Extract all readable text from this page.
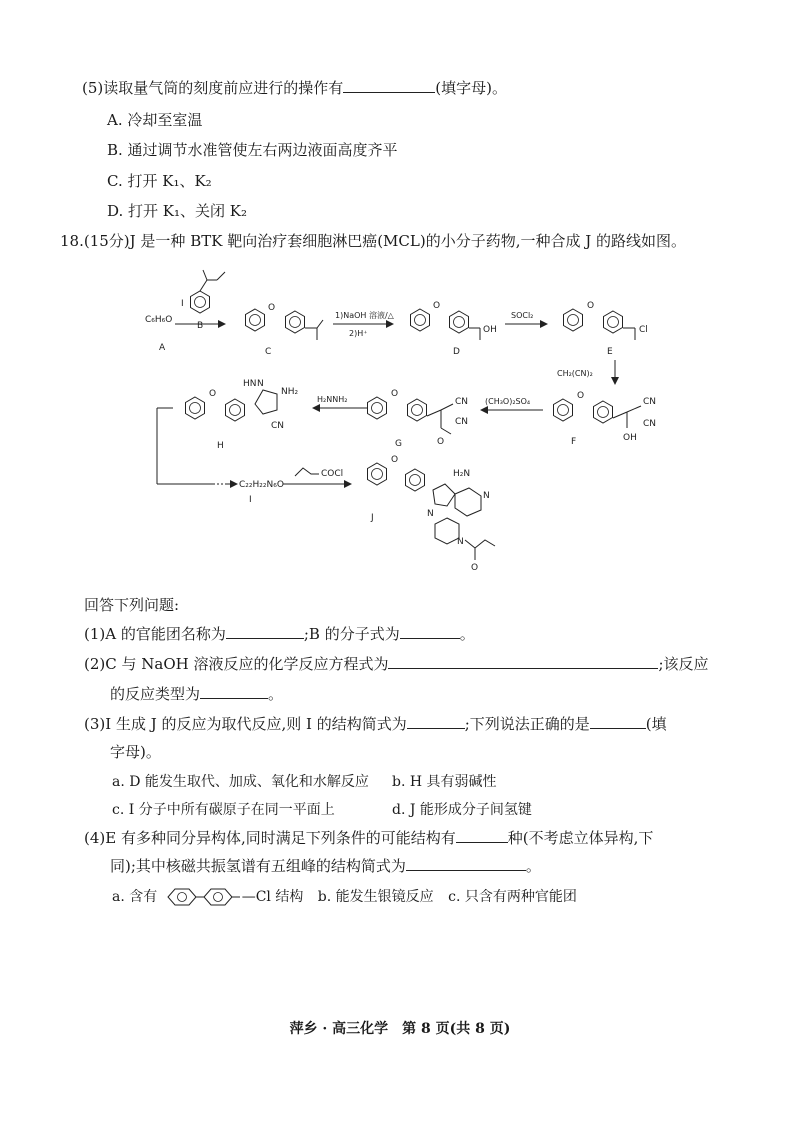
(5)读取量气筒的刻度前应进行的操作有	(填字母)。
A. 冷却至室温
B. 通过调节水准管使左右两边液面高度齐平
C. 打开 K₁、K₂
D. 打开 K₁、关闭 K₂
18.(15分)J 是一种 BTK 靶向治疗套细胞淋巴癌(MCL)的小分子药物,一种合成 J 的路线如图。
C₆H₆O
A
I
B
O
C
1)NaOH 溶液/△
2)H⁺
O
OH
D
SOCl₂
O
Cl
E
CH₂(CN)₂
O
CN
CN
OH
F
(CH₃O)₂SO₄
O
CN
CN
O
G
H₂NNH₂
O
HN N
NH₂
CN
H
C₂₂H₂₂N₆O
I
COCl
O
H₂N
N
N
N
O
J
回答下列问题:
(1)A 的官能团名称为	;B 的分子式为	。
(2)C 与 NaOH 溶液反应的化学反应方程式为	;该反应
的反应类型为	。
(3)I 生成 J 的反应为取代反应,则 I 的结构简式为	;下列说法正确的是	(填
字母)。
a. D 能发生取代、加成、氧化和水解反应 b. H 具有弱碱性
c. I 分子中所有碳原子在同一平面上	d. J 能形成分子间氢键
(4)E 有多种同分异构体,同时满足下列条件的可能结构有	种(不考虑立体异构,下
同);其中核磁共振氢谱有五组峰的结构简式为	。
a. 含有	—Cl 结构 b. 能发生银镜反应 c. 只含有两种官能团
萍乡 · 高三化学　第 8 页(共 8 页)
